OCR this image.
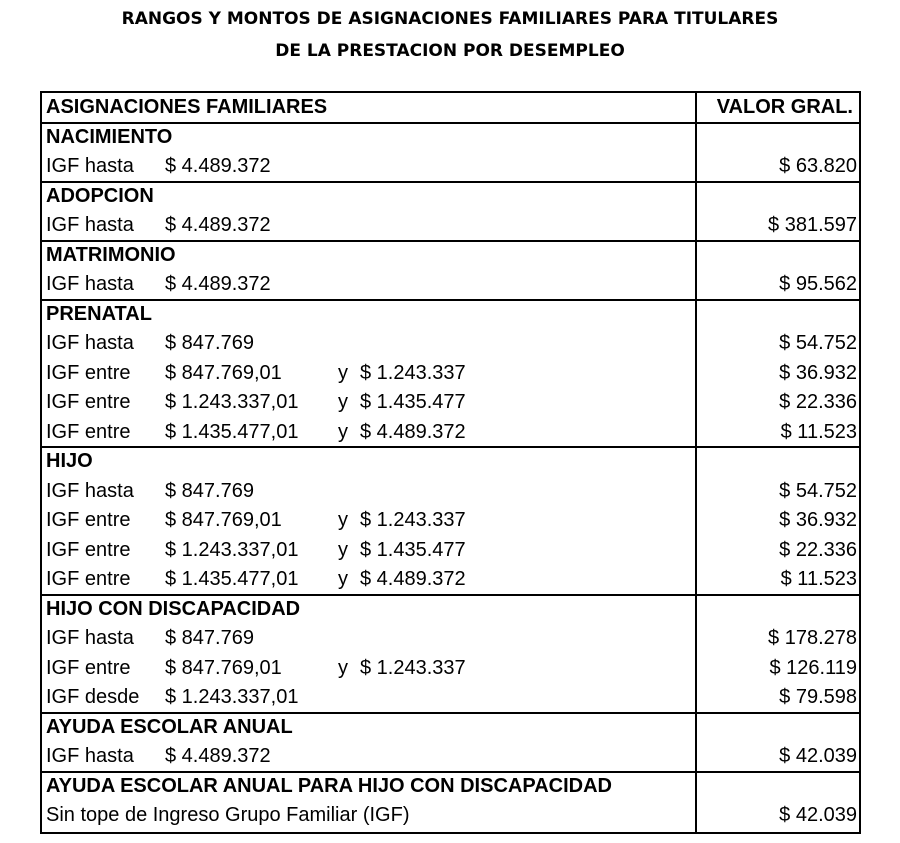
RANGOS Y MONTOS DE ASIGNACIONES FAMILIARES PARA TITULARES
DE LA PRESTACION POR DESEMPLEO
ASIGNACIONES FAMILIARES	VALOR GRAL.
NACIMIENTO
IGF hasta $ 4.489.372	$ 63.820
ADOPCION
IGF hasta $ 4.489.372	$ 381.597
MATRIMONIO
IGF hasta $ 4.489.372	$ 95.562
PRENATAL
IGF hasta $ 847.769	$ 54.752
IGF entre $ 847.769,01	y $ 1.243.337	$ 36.932
IGF entre $ 1.243.337,01 y $ 1.435.477	$ 22.336
IGF entre $ 1.435.477,01 y $ 4.489.372	$ 11.523
HIJO
IGF hasta $ 847.769	$ 54.752
IGF entre $ 847.769,01	y $ 1.243.337	$ 36.932
IGF entre $ 1.243.337,01 y $ 1.435.477	$ 22.336
IGF entre $ 1.435.477,01 y $ 4.489.372	$ 11.523
HIJO CON DISCAPACIDAD
IGF hasta $ 847.769	$ 178.278
IGF entre $ 847.769,01	y $ 1.243.337	$ 126.119
IGF desde $ 1.243.337,01	$ 79.598
AYUDA ESCOLAR ANUAL
IGF hasta $ 4.489.372	$ 42.039
AYUDA ESCOLAR ANUAL PARA HIJO CON DISCAPACIDAD
Sin tope de Ingreso Grupo Familiar (IGF)	$ 42.039
